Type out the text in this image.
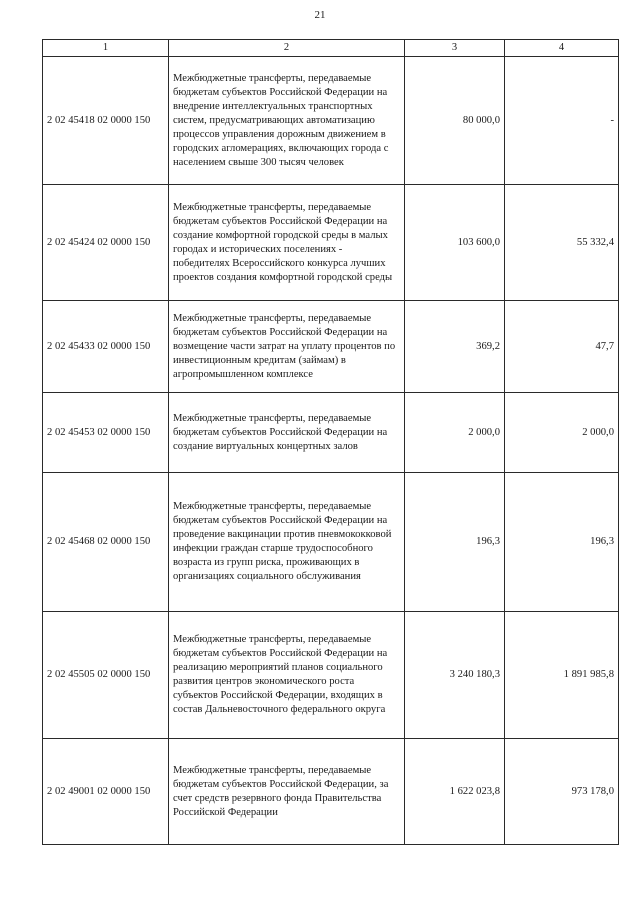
21
1	2	3	4
2 02 45418 02 0000 150	Межбюджетные трансферты, передаваемые бюджетам субъектов Российской Федерации на внедрение интеллектуальных транспортных систем, предусматривающих автоматизацию процессов управления дорожным движением в городских агломерациях, включающих города с населением свыше 300 тысяч человек	80 000,0	-
2 02 45424 02 0000 150	Межбюджетные трансферты, передаваемые бюджетам субъектов Российской Федерации на создание комфортной городской среды в малых городах и исторических поселениях - победителях Всероссийского конкурса лучших проектов создания комфортной городской среды	103 600,0	55 332,4
2 02 45433 02 0000 150	Межбюджетные трансферты, передаваемые бюджетам субъектов Российской Федерации на возмещение части затрат на уплату процентов по инвестиционным кредитам (займам) в агропромышленном комплексе	369,2	47,7
2 02 45453 02 0000 150	Межбюджетные трансферты, передаваемые бюджетам субъектов Российской Федерации на создание виртуальных концертных залов	2 000,0	2 000,0
2 02 45468 02 0000 150	Межбюджетные трансферты, передаваемые бюджетам субъектов Российской Федерации на проведение вакцинации против пневмококковой инфекции граждан старше трудоспособного возраста из групп риска, проживающих в организациях социального обслуживания	196,3	196,3
2 02 45505 02 0000 150	Межбюджетные трансферты, передаваемые бюджетам субъектов Российской Федерации на реализацию мероприятий планов социального развития центров экономического роста субъектов Российской Федерации, входящих в состав Дальневосточного федерального округа	3 240 180,3	1 891 985,8
2 02 49001 02 0000 150	Межбюджетные трансферты, передаваемые бюджетам субъектов Российской Федерации, за счет средств резервного фонда Правительства Российской Федерации	1 622 023,8	973 178,0
